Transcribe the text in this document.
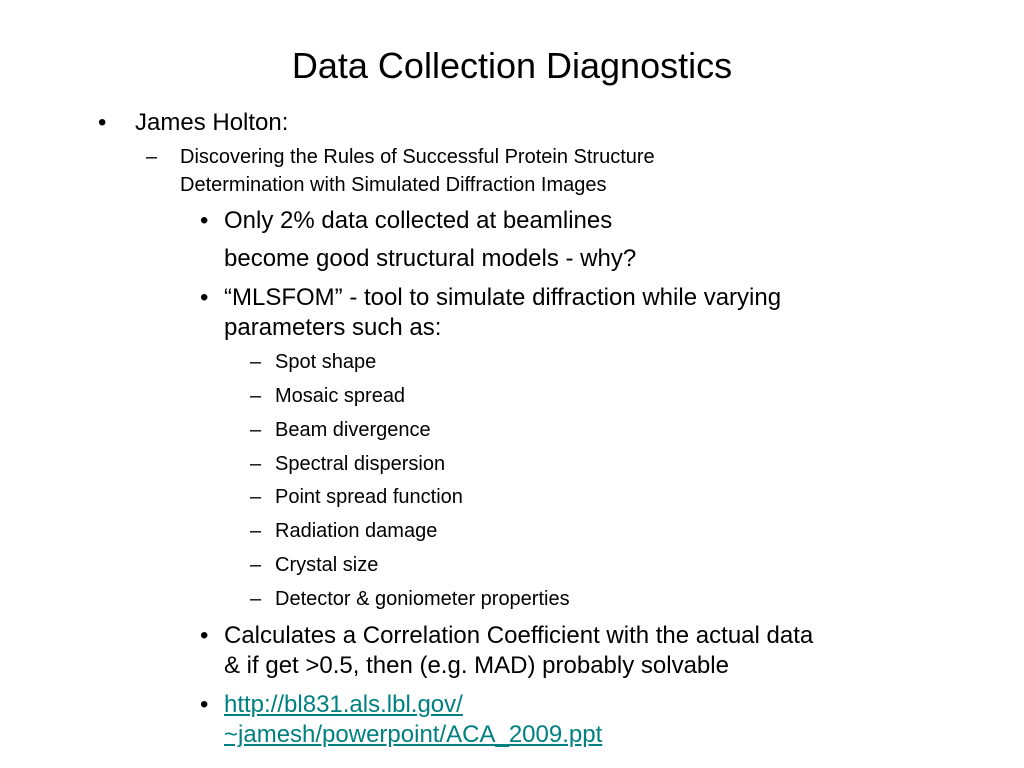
Data Collection Diagnostics
• James Holton:
– Discovering the Rules of Successful Protein Structure
Determination with Simulated Diffraction Images
• Only 2% data collected at beamlines
become good structural models - why?
• “MLSFOM” - tool to simulate diffraction while varying
parameters such as:
– Spot shape
– Mosaic spread
– Beam divergence
– Spectral dispersion
– Point spread function
– Radiation damage
– Crystal size
– Detector & goniometer properties
• Calculates a Correlation Coefficient with the actual data
& if get >0.5, then (e.g. MAD) probably solvable
• http://bl831.als.lbl.gov/
~jamesh/powerpoint/ACA_2009.ppt
